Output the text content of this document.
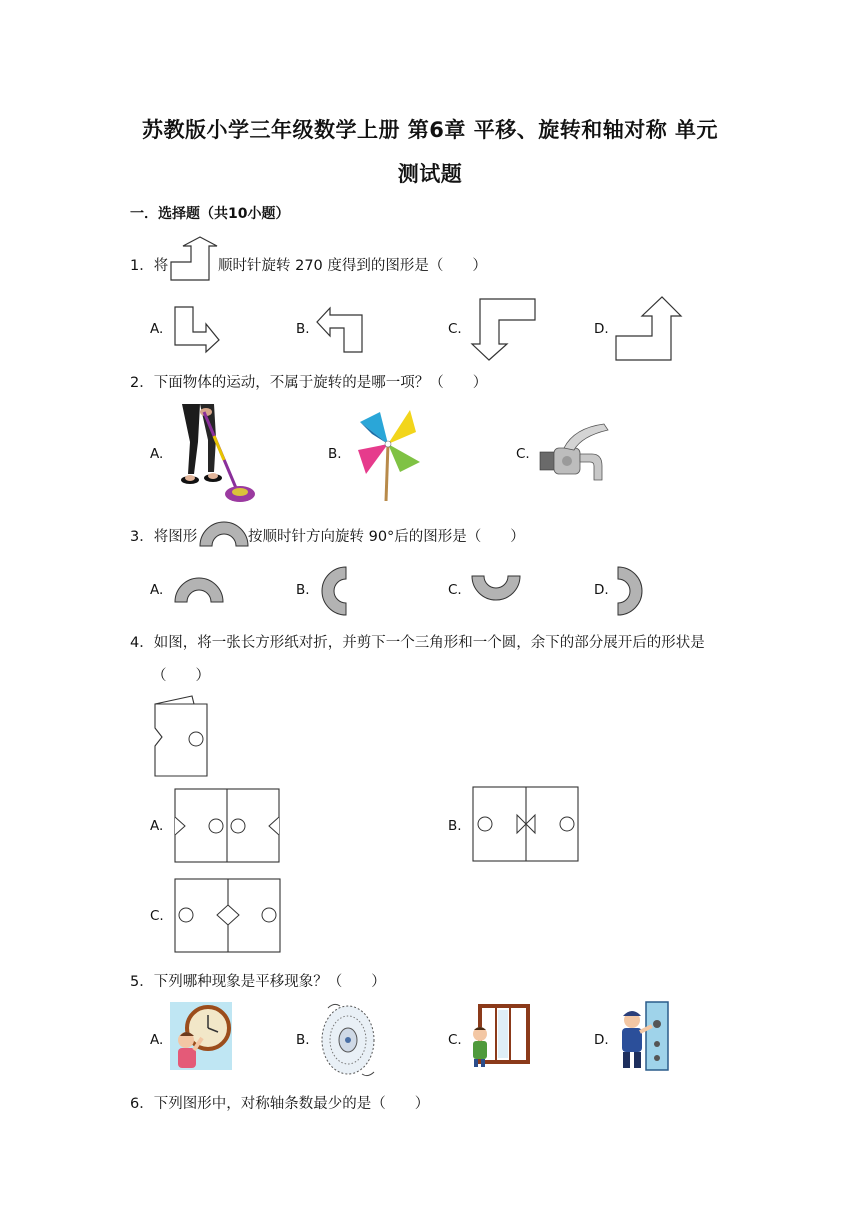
苏教版小学三年级数学上册 第6章 平移、旋转和轴对称 单元
测试题
一．选择题（共10小题）
1．将	顺时针旋转 270 度得到的图形是（　　）
A.	B.	C.	D.
2．下面物体的运动，不属于旋转的是哪一项？（　　）
A.	B.	C.
3．将图形	按顺时针方向旋转 90°后的图形是（　　）
A.	B.	C.	D.
4．如图，将一张长方形纸对折，并剪下一个三角形和一个圆，余下的部分展开后的形状是
（　　）
A.	B.
C.
5．下列哪种现象是平移现象？（　　）
A.	B.	C.	D.
6．下列图形中，对称轴条数最少的是（　　）
